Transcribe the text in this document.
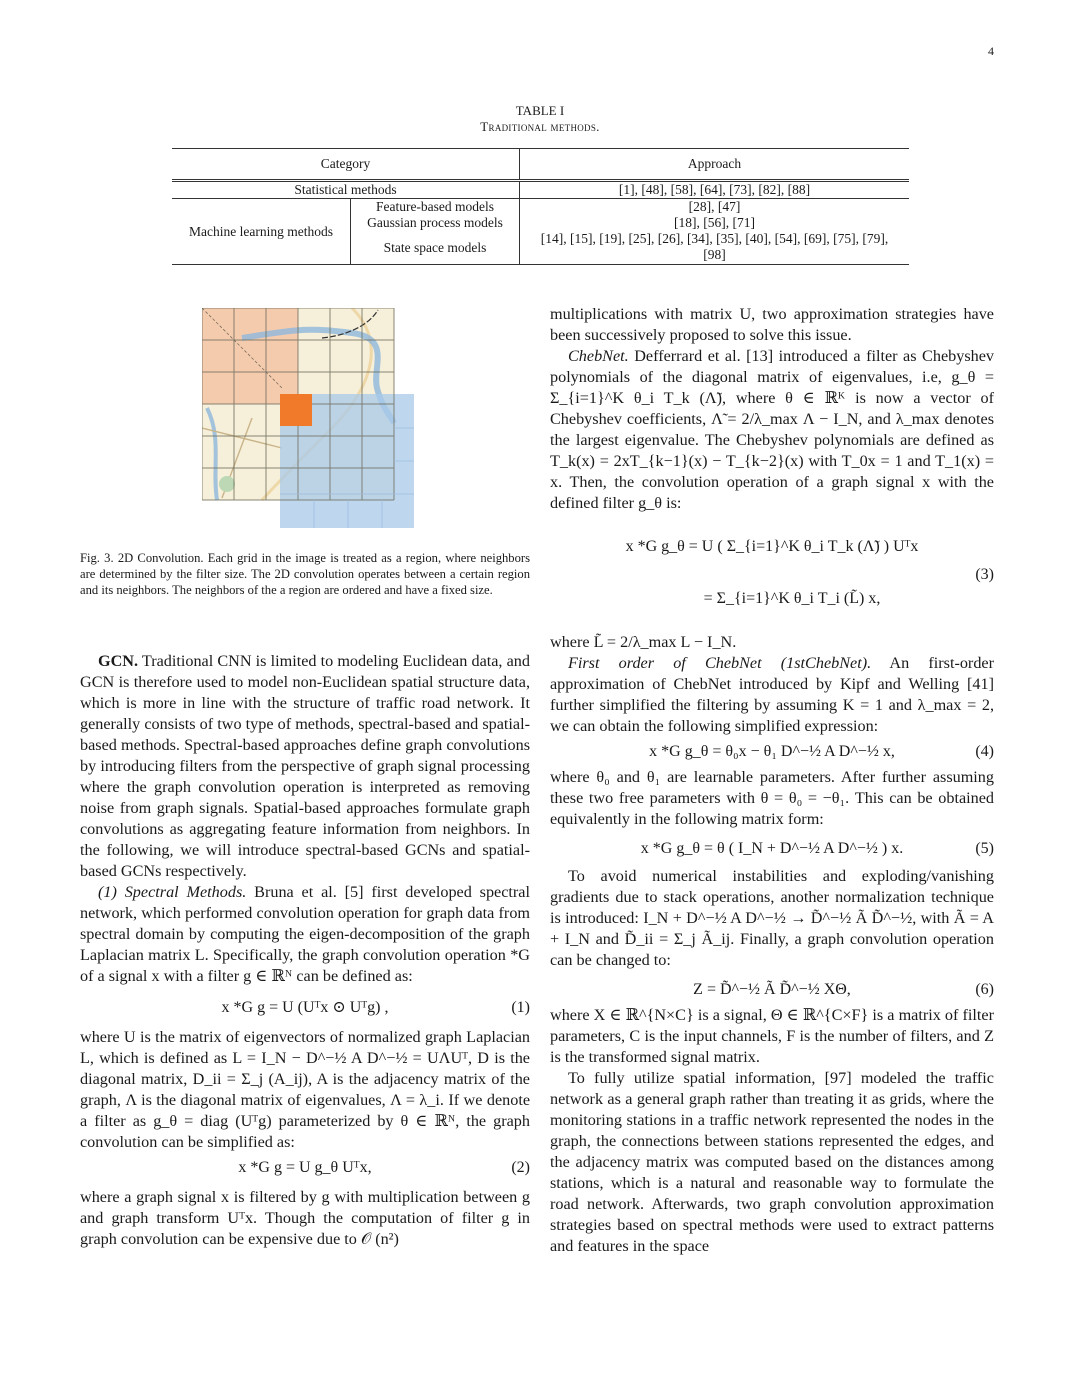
4
TABLE I
Traditional methods.
Category		Approach
Statistical methods		[1], [48], [58], [64], [73], [82], [88]
Machine learning methods	Feature-based models	[28], [47]
	Gaussian process models	[18], [56], [71]
	State space models	[14], [15], [19], [25], [26], [34], [35], [40], [54], [69], [75], [79], [98]
Fig. 3. 2D Convolution. Each grid in the image is treated as a region, where neighbors are determined by the filter size. The 2D convolution operates between a certain region and its neighbors. The neighbors of the a region are ordered and have a fixed size.

GCN. Traditional CNN is limited to modeling Euclidean data, and GCN is therefore used to model non-Euclidean spatial structure data, which is more in line with the structure of traffic road network. It generally consists of two type of methods, spectral-based and spatial-based methods. Spectral-based approaches define graph convolutions by introducing filters from the perspective of graph signal processing where the graph convolution operation is interpreted as removing noise from graph signals. Spatial-based approaches formulate graph convolutions as aggregating feature information from neighbors. In the following, we will introduce spectral-based GCNs and spatial-based GCNs respectively.

(1) Spectral Methods. Bruna et al. [5] first developed spectral network, which performed convolution operation for graph data from spectral domain by computing the eigen-decomposition of the graph Laplacian matrix L. Specifically, the graph convolution operation *G of a signal x with a filter g ∈ ℝᴺ can be defined as:

x *G g = U (Uᵀx ⊙ Uᵀg) ,	(1)

where U is the matrix of eigenvectors of normalized graph Laplacian L, which is defined as L = I_N − D^−½ A D^−½ = UΛUᵀ, D is the diagonal matrix, D_ii = Σ_j (A_ij), A is the adjacency matrix of the graph, Λ is the diagonal matrix of eigenvalues, Λ = λ_i. If we denote a filter as g_θ = diag (Uᵀg) parameterized by θ ∈ ℝᴺ, the graph convolution can be simplified as:

x *G g = U g_θ Uᵀx,	(2)

where a graph signal x is filtered by g with multiplication between g and graph transform Uᵀx. Though the computation of filter g in graph convolution can be expensive due to 𝒪 (n²)

multiplications with matrix U, two approximation strategies have been successively proposed to solve this issue.

ChebNet. Defferrard et al. [13] introduced a filter as Chebyshev polynomials of the diagonal matrix of eigenvalues, i.e, g_θ = Σ_{i=1}^K θ_i T_k (Λ̃), where θ ∈ ℝᴷ is now a vector of Chebyshev coefficients, Λ̃ = 2/λ_max Λ − I_N, and λ_max denotes the largest eigenvalue. The Chebyshev polynomials are defined as T_k(x) = 2xT_{k−1}(x) − T_{k−2}(x) with T_0x = 1 and T_1(x) = x. Then, the convolution operation of a graph signal x with the defined filter g_θ is:

x *G g_θ = U ( Σ_{i=1}^K θ_i T_k (Λ̃) ) Uᵀx
= Σ_{i=1}^K θ_i T_i (L̃) x,
(3)

where L̃ = 2/λ_max L − I_N.

First order of ChebNet (1stChebNet). An first-order approximation of ChebNet introduced by Kipf and Welling [41] further simplified the filtering by assuming K = 1 and λ_max = 2, we can obtain the following simplified expression:

x *G g_θ = θ₀x − θ₁ D^−½ A D^−½ x,	(4)

where θ₀ and θ₁ are learnable parameters. After further assuming these two free parameters with θ = θ₀ = −θ₁. This can be obtained equivalently in the following matrix form:

x *G g_θ = θ ( I_N + D^−½ A D^−½ ) x.	(5)

To avoid numerical instabilities and exploding/vanishing gradients due to stack operations, another normalization technique is introduced: I_N + D^−½ A D^−½ → D̃^−½ Ã D̃^−½, with Ã = A + I_N and D̃_ii = Σ_j Ã_ij. Finally, a graph convolution operation can be changed to:

Z = D̃^−½ Ã D̃^−½ XΘ,	(6)

where X ∈ ℝ^{N×C} is a signal, Θ ∈ ℝ^{C×F} is a matrix of filter parameters, C is the input channels, F is the number of filters, and Z is the transformed signal matrix.

To fully utilize spatial information, [97] modeled the traffic network as a general graph rather than treating it as grids, where the monitoring stations in a traffic network represented the nodes in the graph, the connections between stations represented the edges, and the adjacency matrix was computed based on the distances among stations, which is a natural and reasonable way to formulate the road network. Afterwards, two graph convolution approximation strategies based on spectral methods were used to extract patterns and features in the space
